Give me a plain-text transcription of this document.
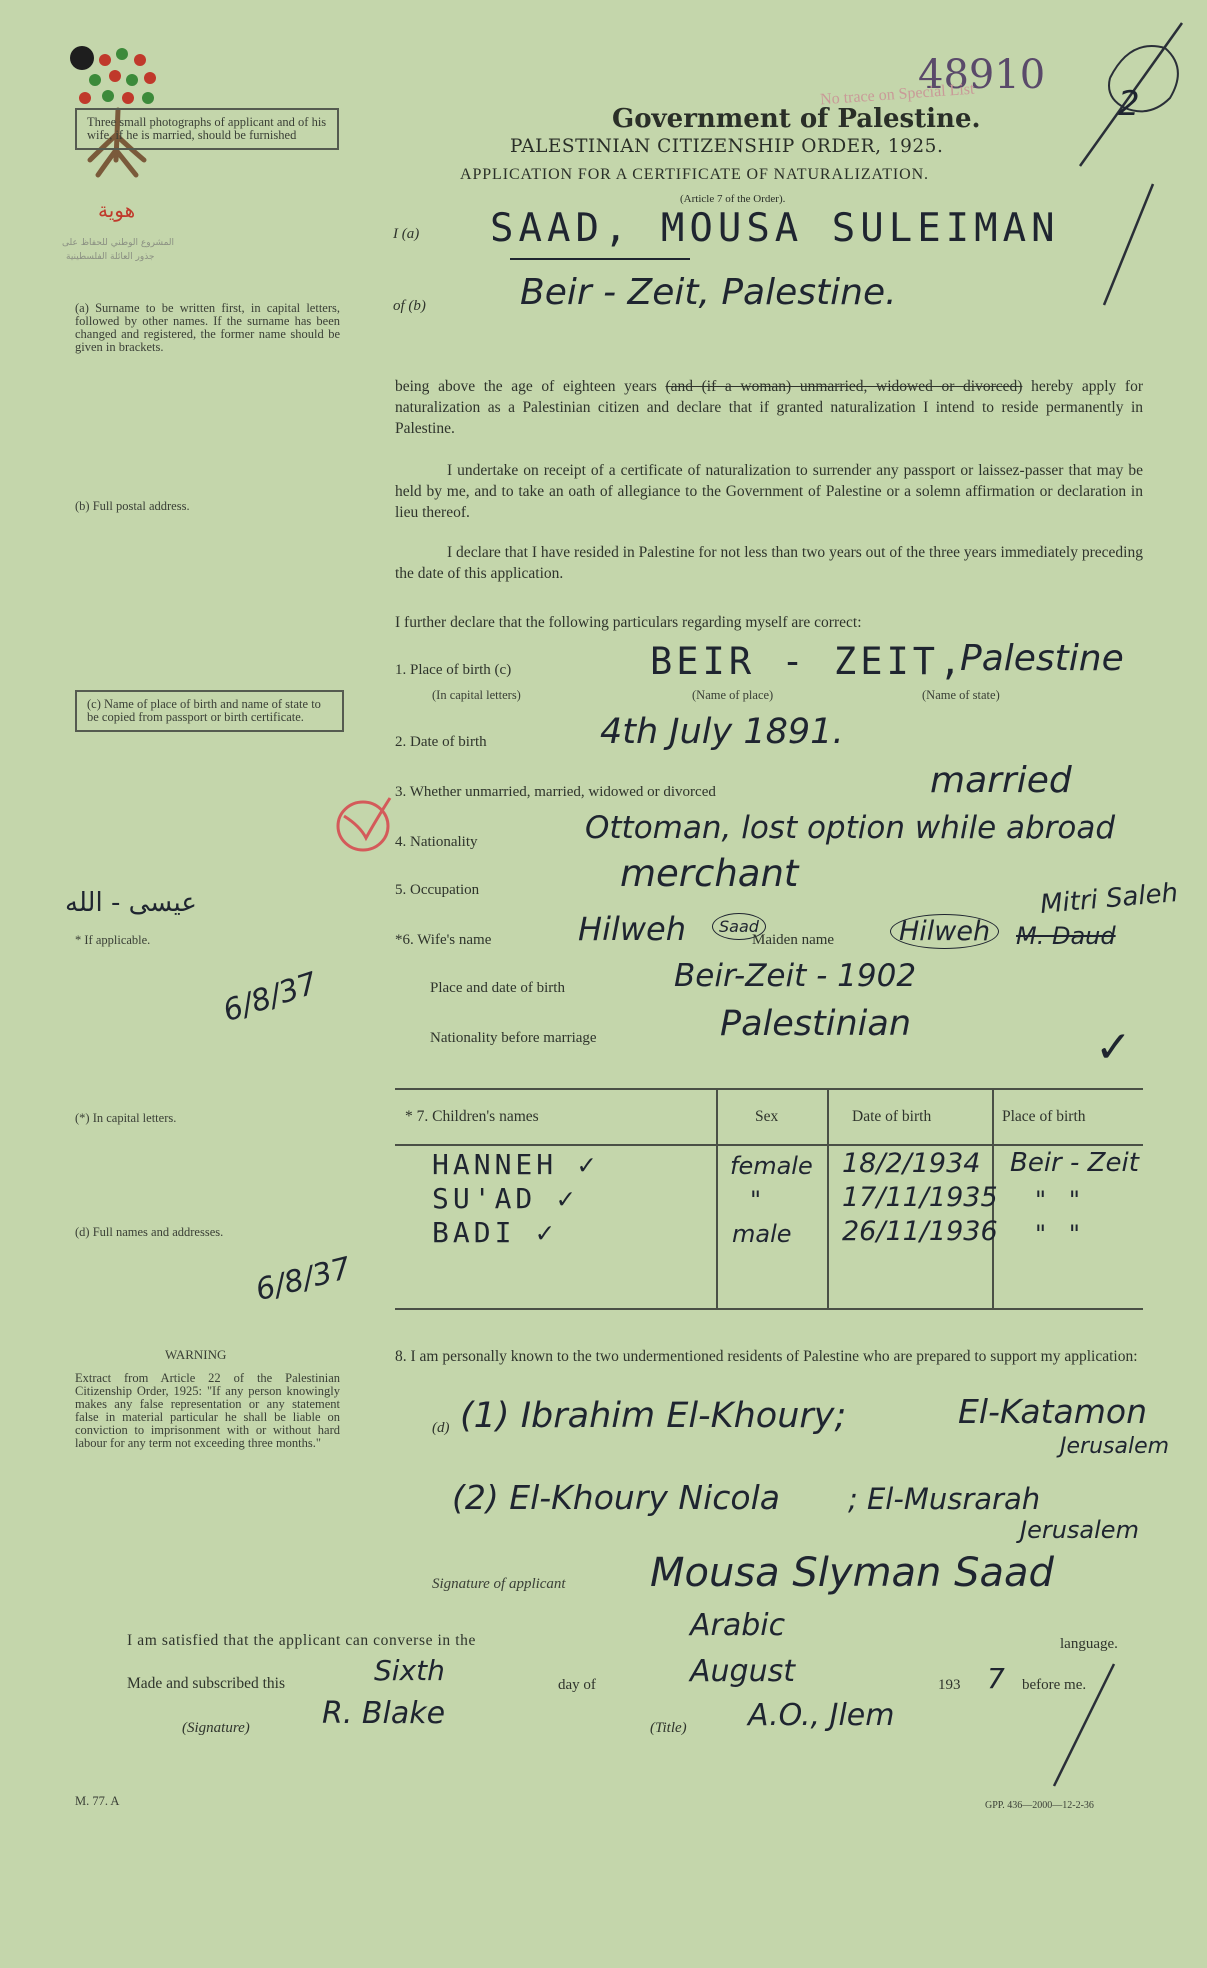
هوية
المشروع الوطني للحفاظ على
جذور العائلة الفلسطينية
Three small photographs of applicant and of his wife, if he is married, should be furnished
(a) Surname to be written first, in capital letters, followed by other names. If the surname has been changed and registered, the former name should be given in brackets.
(b) Full postal address.
(c) Name of place of birth and name of state to be copied from passport or birth certificate.
عيسى - الله
* If applicable.
6/8/37
(*) In capital letters.
(d) Full names and addresses.
6/8/37
WARNING
Extract from Article 22 of the Palestinian Citizenship Order, 1925: "If any person knowingly makes any false representation or any statement false in material particular he shall be liable on conviction to imprisonment with or without hard labour for any term not exceeding three months."
48910
No trace on Special List	2
Government of Palestine.
PALESTINIAN CITIZENSHIP ORDER, 1925.
APPLICATION FOR A CERTIFICATE OF NATURALIZATION.
(Article 7 of the Order).
I (a) SAAD, MOUSA SULEIMAN
of (b)	Beir - Zeit, Palestine.
being above the age of eighteen years (and (if a woman) unmarried, widowed or divorced) hereby apply for naturalization as a Palestinian citizen and declare that if granted naturalization I intend to reside permanently in Palestine.
I undertake on receipt of a certificate of naturalization to surrender any passport or laissez-passer that may be held by me, and to take an oath of allegiance to the Government of Palestine or a solemn affirmation or declaration in lieu thereof.
I declare that I have resided in Palestine for not less than two years out of the three years immediately preceding the date of this application.
I further declare that the following particulars regarding myself are correct:
1. Place of birth (c)	BEIR - ZEIT,
Palestine
(In capital letters)	(Name of place)	(Name of state)
2. Date of birth	4th July 1891.
3. Whether unmarried, married, widowed or divorced	married
4. Nationality	Ottoman, lost option while abroad
5. Occupation	merchant
*6. Wife's name	Hilweh	Saad
Maiden name	Hilweh	M. Daud
Mitri Saleh
Place and date of birth	Beir-Zeit - 1902
Nationality before marriage	Palestinian	✓
* 7. Children's names	Sex	Date of birth	Place of birth
HANNEH ✓	female 18/2/1934 Beir - Zeit
SU'AD ✓	"	17/11/1935 "   "
BADI ✓	male 26/11/1936 "   "
8. I am personally known to the two undermentioned residents of Palestine who are prepared to support my application:
(d) (1) Ibrahim El-Khoury;	El-Katamon
Jerusalem
(2) El-Khoury Nicola ; El-Musrarah
Jerusalem
Signature of applicant Mousa Slyman Saad
I am satisfied that the applicant can converse in the	Arabic
language.
Made and subscribed this	Sixth	day of	August	193 7 before me.
(Signature) R. Blake	(Title) A.O., Jlem
M. 77. A	GPP. 436—2000—12-2-36
